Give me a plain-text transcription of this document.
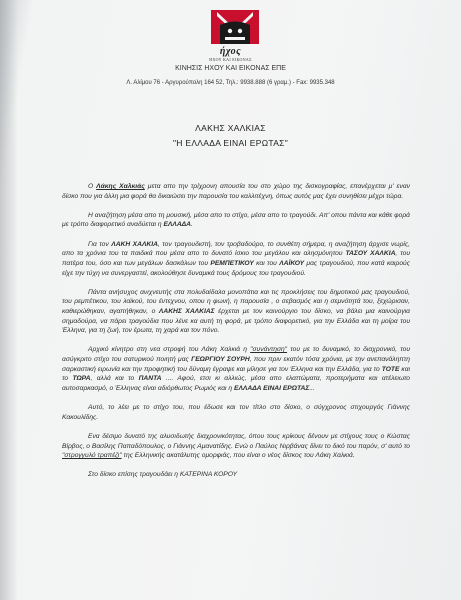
ήχος
ΗΧΟΥ ΚΑΙ ΕΙΚΟΝΑΣ
ΚΙΝΗΣΙΣ ΗΧΟΥ ΚΑΙ ΕΙΚΟΝΑΣ ΕΠΕ
Λ. Αλίμου 76 - Αργυρούπολη 164 52, Τηλ.: 9938.888 (6 γραμ.) - Fax: 9935.348
ΛΑΚΗΣ ΧΑΛΚΙΑΣ
"Η ΕΛΛΑΔΑ ΕΙΝΑΙ ΕΡΩΤΑΣ"

Ο Λάκης Χαλκιάς μετα απο την τρίχρονη απουσία του στο χώρο της δισκογραφίας, επανέρχεται μ' εναν δίσκο που για άλλη μια φορά θα δικαιώσει την παρουσία του καλλιτέχνη, όπως αυτός μας έχει συνηθίσει μέχρι τώρα.

Η αναζήτηση μέσα απο τη μουσική, μέσα απο το στίχο, μέσα απο το τραγούδι. Απ' οπου πάντα και κάθε φορά με τρόπο διαφορετικό αναδύεται η ΕΛΛΑΔΑ.

Για τον ΛΑΚΗ ΧΑΛΚΙΑ, τον τραγουδιστή, τον τροβαδούρο, το συνθέτη σήμερα, η αναζήτηση άρχισε νωρίς, απο τα χρόνια του τα παιδικά που μέσα απο το δυνατό ίσκιο του μεγάλου και αλησμόνητου ΤΑΣΟΥ ΧΑΛΚΙΑ, του πατέρα του, όσο και των μεγάλων δασκάλων του ΡΕΜΠΕΤΙΚΟΥ και του ΛΑΪΚΟΥ μας τραγουδιού, που κατά καιρούς είχε την τύχη να συνεργαστεί, ακολούθησε δυναμικά τους δρόμους του τραγουδιού.

Πάντα ανήσυχος ανιχνευτής στα πολυδαίδαλα μονοπάτια και τις προκλήσεις του δημοτικού μας τραγουδιού, του ρεμπέτικου, του λαϊκού, του έντεχνου, οπου η φωνή, η παρουσία , ο σεβασμός και η σεμνότητά του, ξεχώρισαν, καθιερώθηκαν, αγαπήθηκαν, ο ΛΑΚΗΣ ΧΑΛΚΙΑΣ έρχεται με τον καινούργιο του δίσκο, να βάλει μια καινούργια σημαδούρα, να πάρει τραγούδια που λένε κα αυτή τη φορά, με τρόπο διαφορετικό, για την Ελλάδα και τη μοίρα του Έλληνα, για τη ζωή, τον έρωτα, τη χαρά και τον πόνο.

Αρχικό κίνητρο στη νεα στροφή του Λάκη Χαλκιά η "συνάντηση" του με το δυναμικό, το διαχρονικό, του ασύγκριτο στίχο του σατυρικού ποιητή μας ΓΕΩΡΓΙΟΥ ΣΟΥΡΗ, που πριν εκατόν τόσα χρόνια, με την ανεπανάληπτη σαρκαστική ειρωνία και την προφητική του δύναμη έγραψε και μίλησε για τον Έλληνα και την Ελλάδα, για το ΤΟΤΕ και το ΤΩΡΑ, αλλά και το ΠΑΝΤΑ .... Αφού, ετσι κι αλλιώς, μέσα απο ελαττώματα, προτερήματα και ατέλειωτο αυτοσαρκασμό, ο Έλληνας είναι αδιόρθωτος Ρωμιός και η ΕΛΛΑΔΑ ΕΙΝΑΙ ΕΡΩΤΑΣ...

Αυτό, το λέει με το στίχο του, που έδωσε και τον τίτλο στο δίσκο, ο σύγχρονος στιχουργός Γιάννης Κακουλίδης.

Ενα δέσιμο δυνατό της αλυσιδωτής διαχρονικότητας, όπου τους κρίκους δένουν με στίχους τους ο Κώστας Βίρβος, ο Βασίλης Παπαδόπουλος, ο Γιάννης Αμανατίδης. Ενώ ο Παύλος Νιρβάνας δίνει το δικό του παρόν, σ' αυτό το "στρογγυλό τραπέζι" της Ελληνικής ακατάλυτης ομορφιάς, που είναι ο νέος δίσκος του Λάκη Χαλκιά.

Στο δίσκο επίσης τραγουδάει η ΚΑΤΕΡΙΝΑ ΚΟΡΟΥ
